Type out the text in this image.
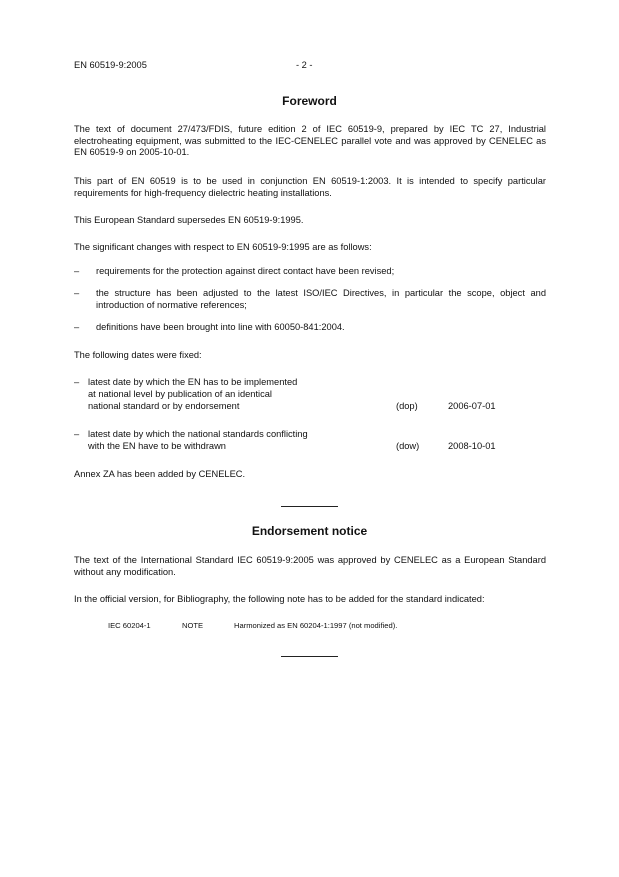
EN 60519-9:2005	- 2 -
Foreword

The text of document 27/473/FDIS, future edition 2 of IEC 60519-9, prepared by IEC TC 27, Industrial electroheating equipment, was submitted to the IEC-CENELEC parallel vote and was approved by CENELEC as EN 60519-9 on 2005-10-01.

This part of EN 60519 is to be used in conjunction EN 60519-1:2003. It is intended to specify particular requirements for high-frequency dielectric heating installations.

This European Standard supersedes EN 60519-9:1995.

The significant changes with respect to EN 60519-9:1995 are as follows:

– requirements for the protection against direct contact have been revised;

– the structure has been adjusted to the latest ISO/IEC Directives, in particular the scope, object and introduction of normative references;

– definitions have been brought into line with 60050-841:2004.

The following dates were fixed:

– latest date by which the EN has to be implemented
at national level by publication of an identical
national standard or by endorsement	(dop)	2006-07-01
– latest date by which the national standards conflicting
with the EN have to be withdrawn	(dow)	2008-10-01

Annex ZA has been added by CENELEC.

Endorsement notice

The text of the International Standard IEC 60519-9:2005 was approved by CENELEC as a European Standard without any modification.

In the official version, for Bibliography, the following note has to be added for the standard indicated:

IEC 60204-1	NOTE	Harmonized as EN 60204-1:1997 (not modified).
